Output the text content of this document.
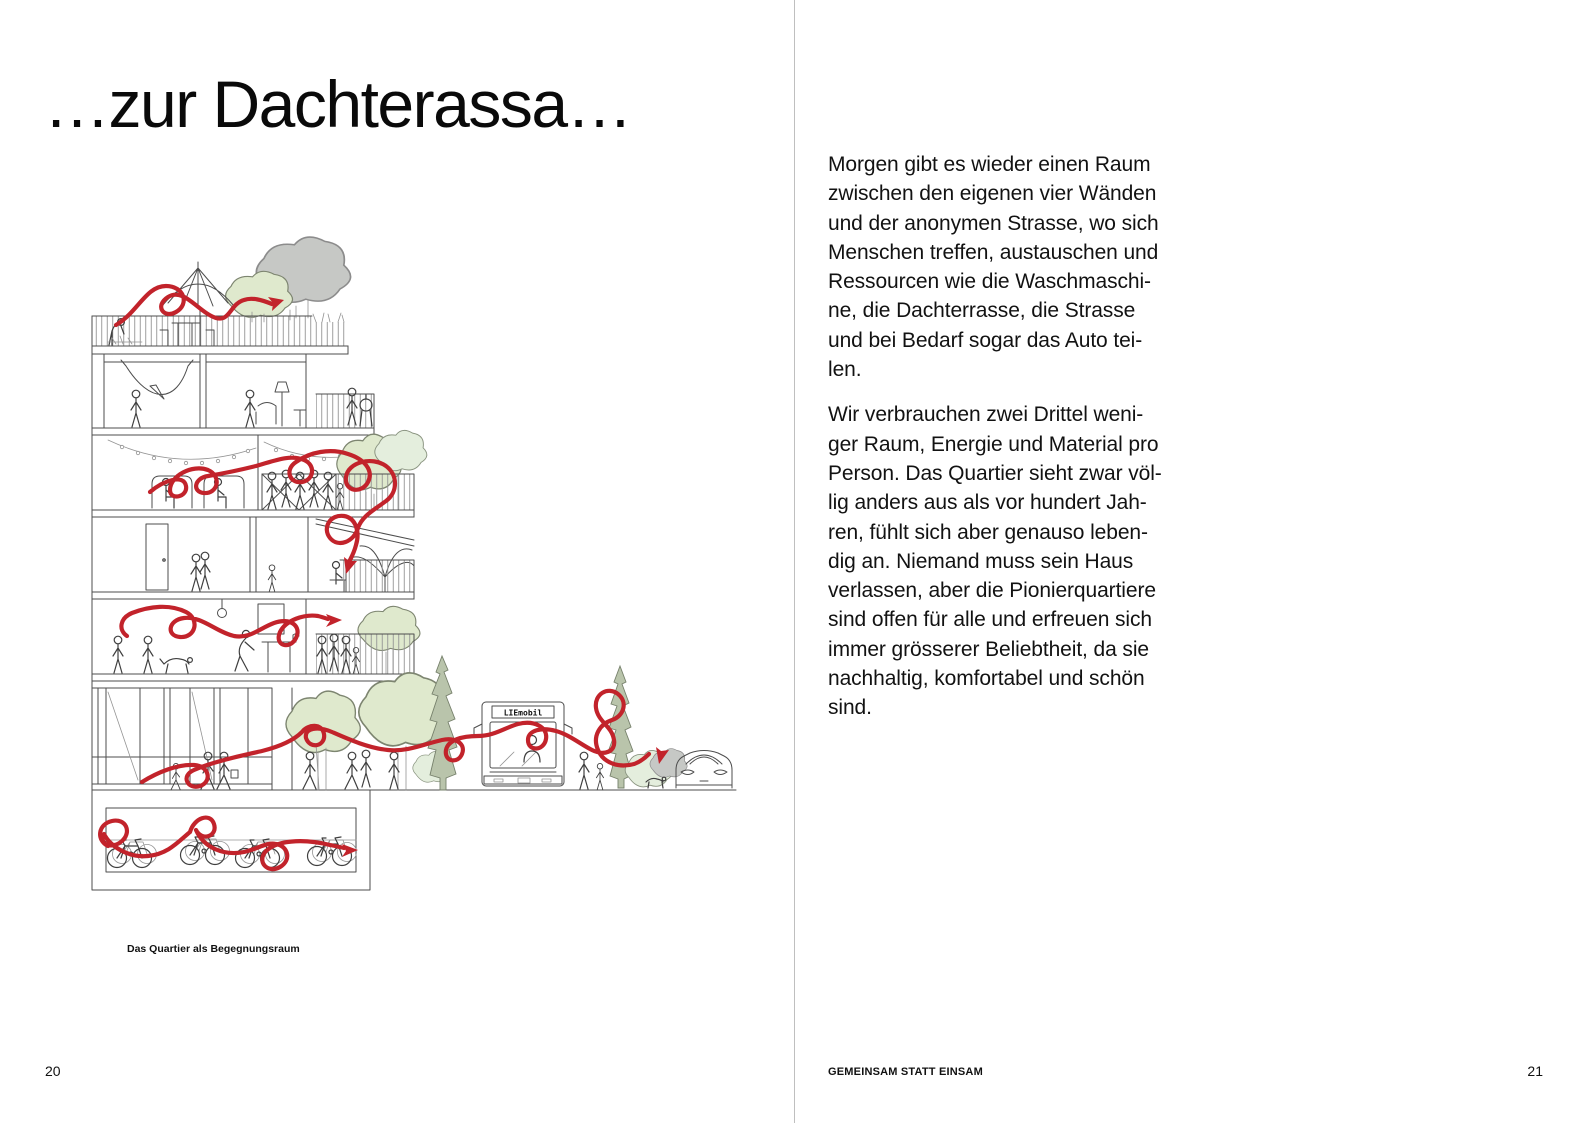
…zur Dachterassa…
LIEmobil
Das Quartier als Begegnungsraum
20
Morgen gibt es wieder einen Raum
zwischen den eigenen vier Wänden
und der anonymen Strasse, wo sich
Menschen treffen, austauschen und
Ressourcen wie die Waschmaschi-
ne, die Dachterrasse, die Strasse
und bei Bedarf sogar das Auto tei-
len.
Wir verbrauchen zwei Drittel weni-
ger Raum, Energie und Material pro
Person. Das Quartier sieht zwar völ-
lig anders aus als vor hundert Jah-
ren, fühlt sich aber genauso leben-
dig an. Niemand muss sein Haus
verlassen, aber die Pionierquartiere
sind offen für alle und erfreuen sich
immer grösserer Beliebtheit, da sie
nachhaltig, komfortabel und schön
sind.
GEMEINSAM STATT EINSAM	21
